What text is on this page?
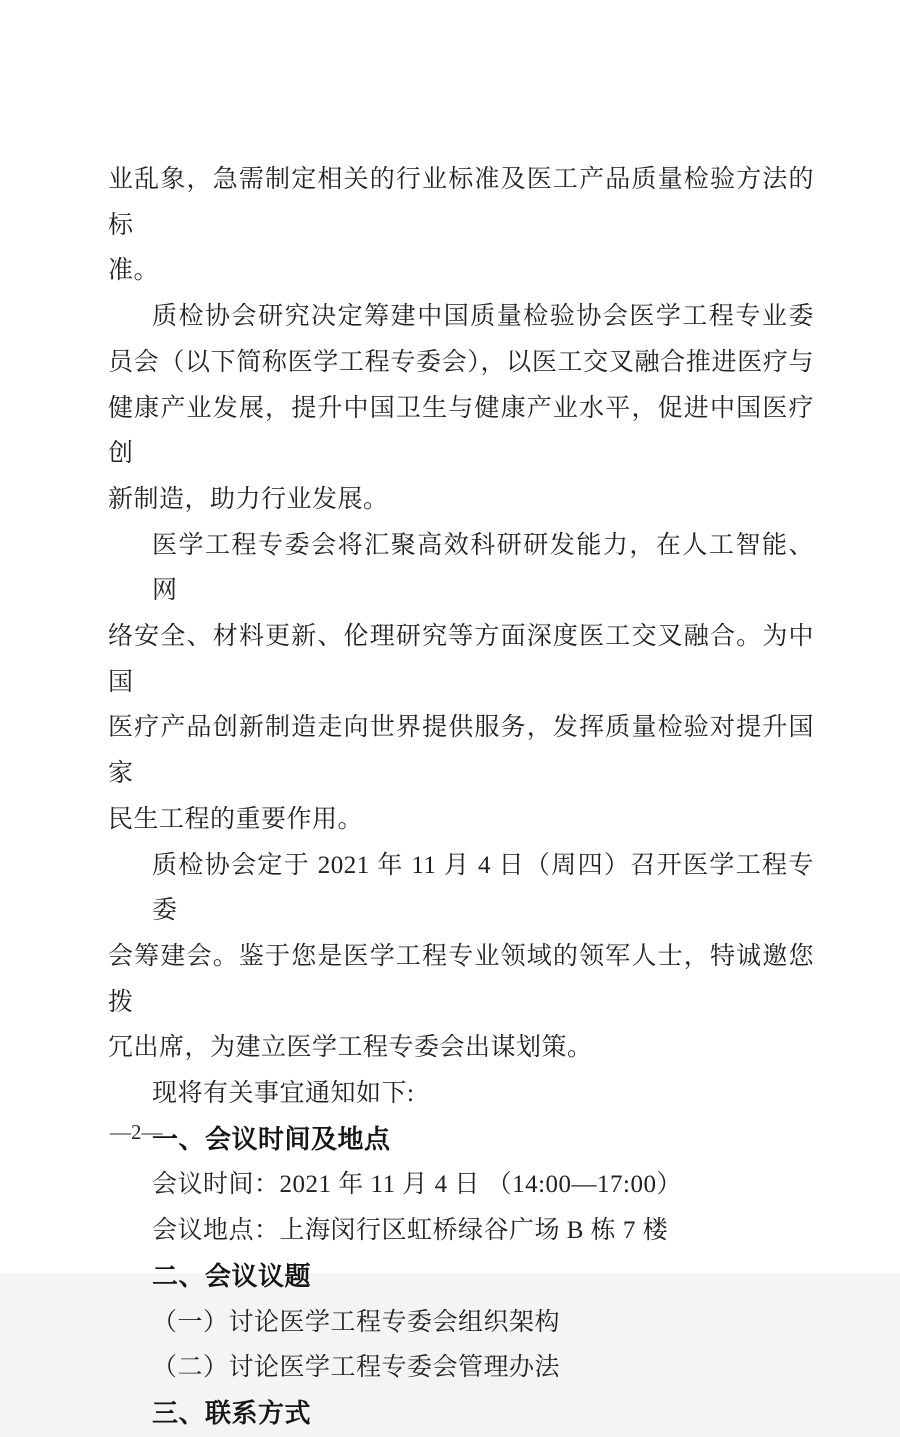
业乱象，急需制定相关的行业标准及医工产品质量检验方法的标
准。
质检协会研究决定筹建中国质量检验协会医学工程专业委
员会（以下简称医学工程专委会），以医工交叉融合推进医疗与
健康产业发展，提升中国卫生与健康产业水平，促进中国医疗创
新制造，助力行业发展。
医学工程专委会将汇聚高效科研研发能力，在人工智能、网
络安全、材料更新、伦理研究等方面深度医工交叉融合。为中国
医疗产品创新制造走向世界提供服务，发挥质量检验对提升国家
民生工程的重要作用。
质检协会定于 2021 年 11 月 4 日（周四）召开医学工程专委
会筹建会。鉴于您是医学工程专业领域的领军人士，特诚邀您拨
冗出席，为建立医学工程专委会出谋划策。
现将有关事宜通知如下:
一、会议时间及地点
会议时间：2021 年 11 月 4 日 （14:00—17:00）
会议地点：上海闵行区虹桥绿谷广场 B 栋 7 楼
二、会议议题
（一）讨论医学工程专委会组织架构
（二）讨论医学工程专委会管理办法
三、联系方式
—2—
